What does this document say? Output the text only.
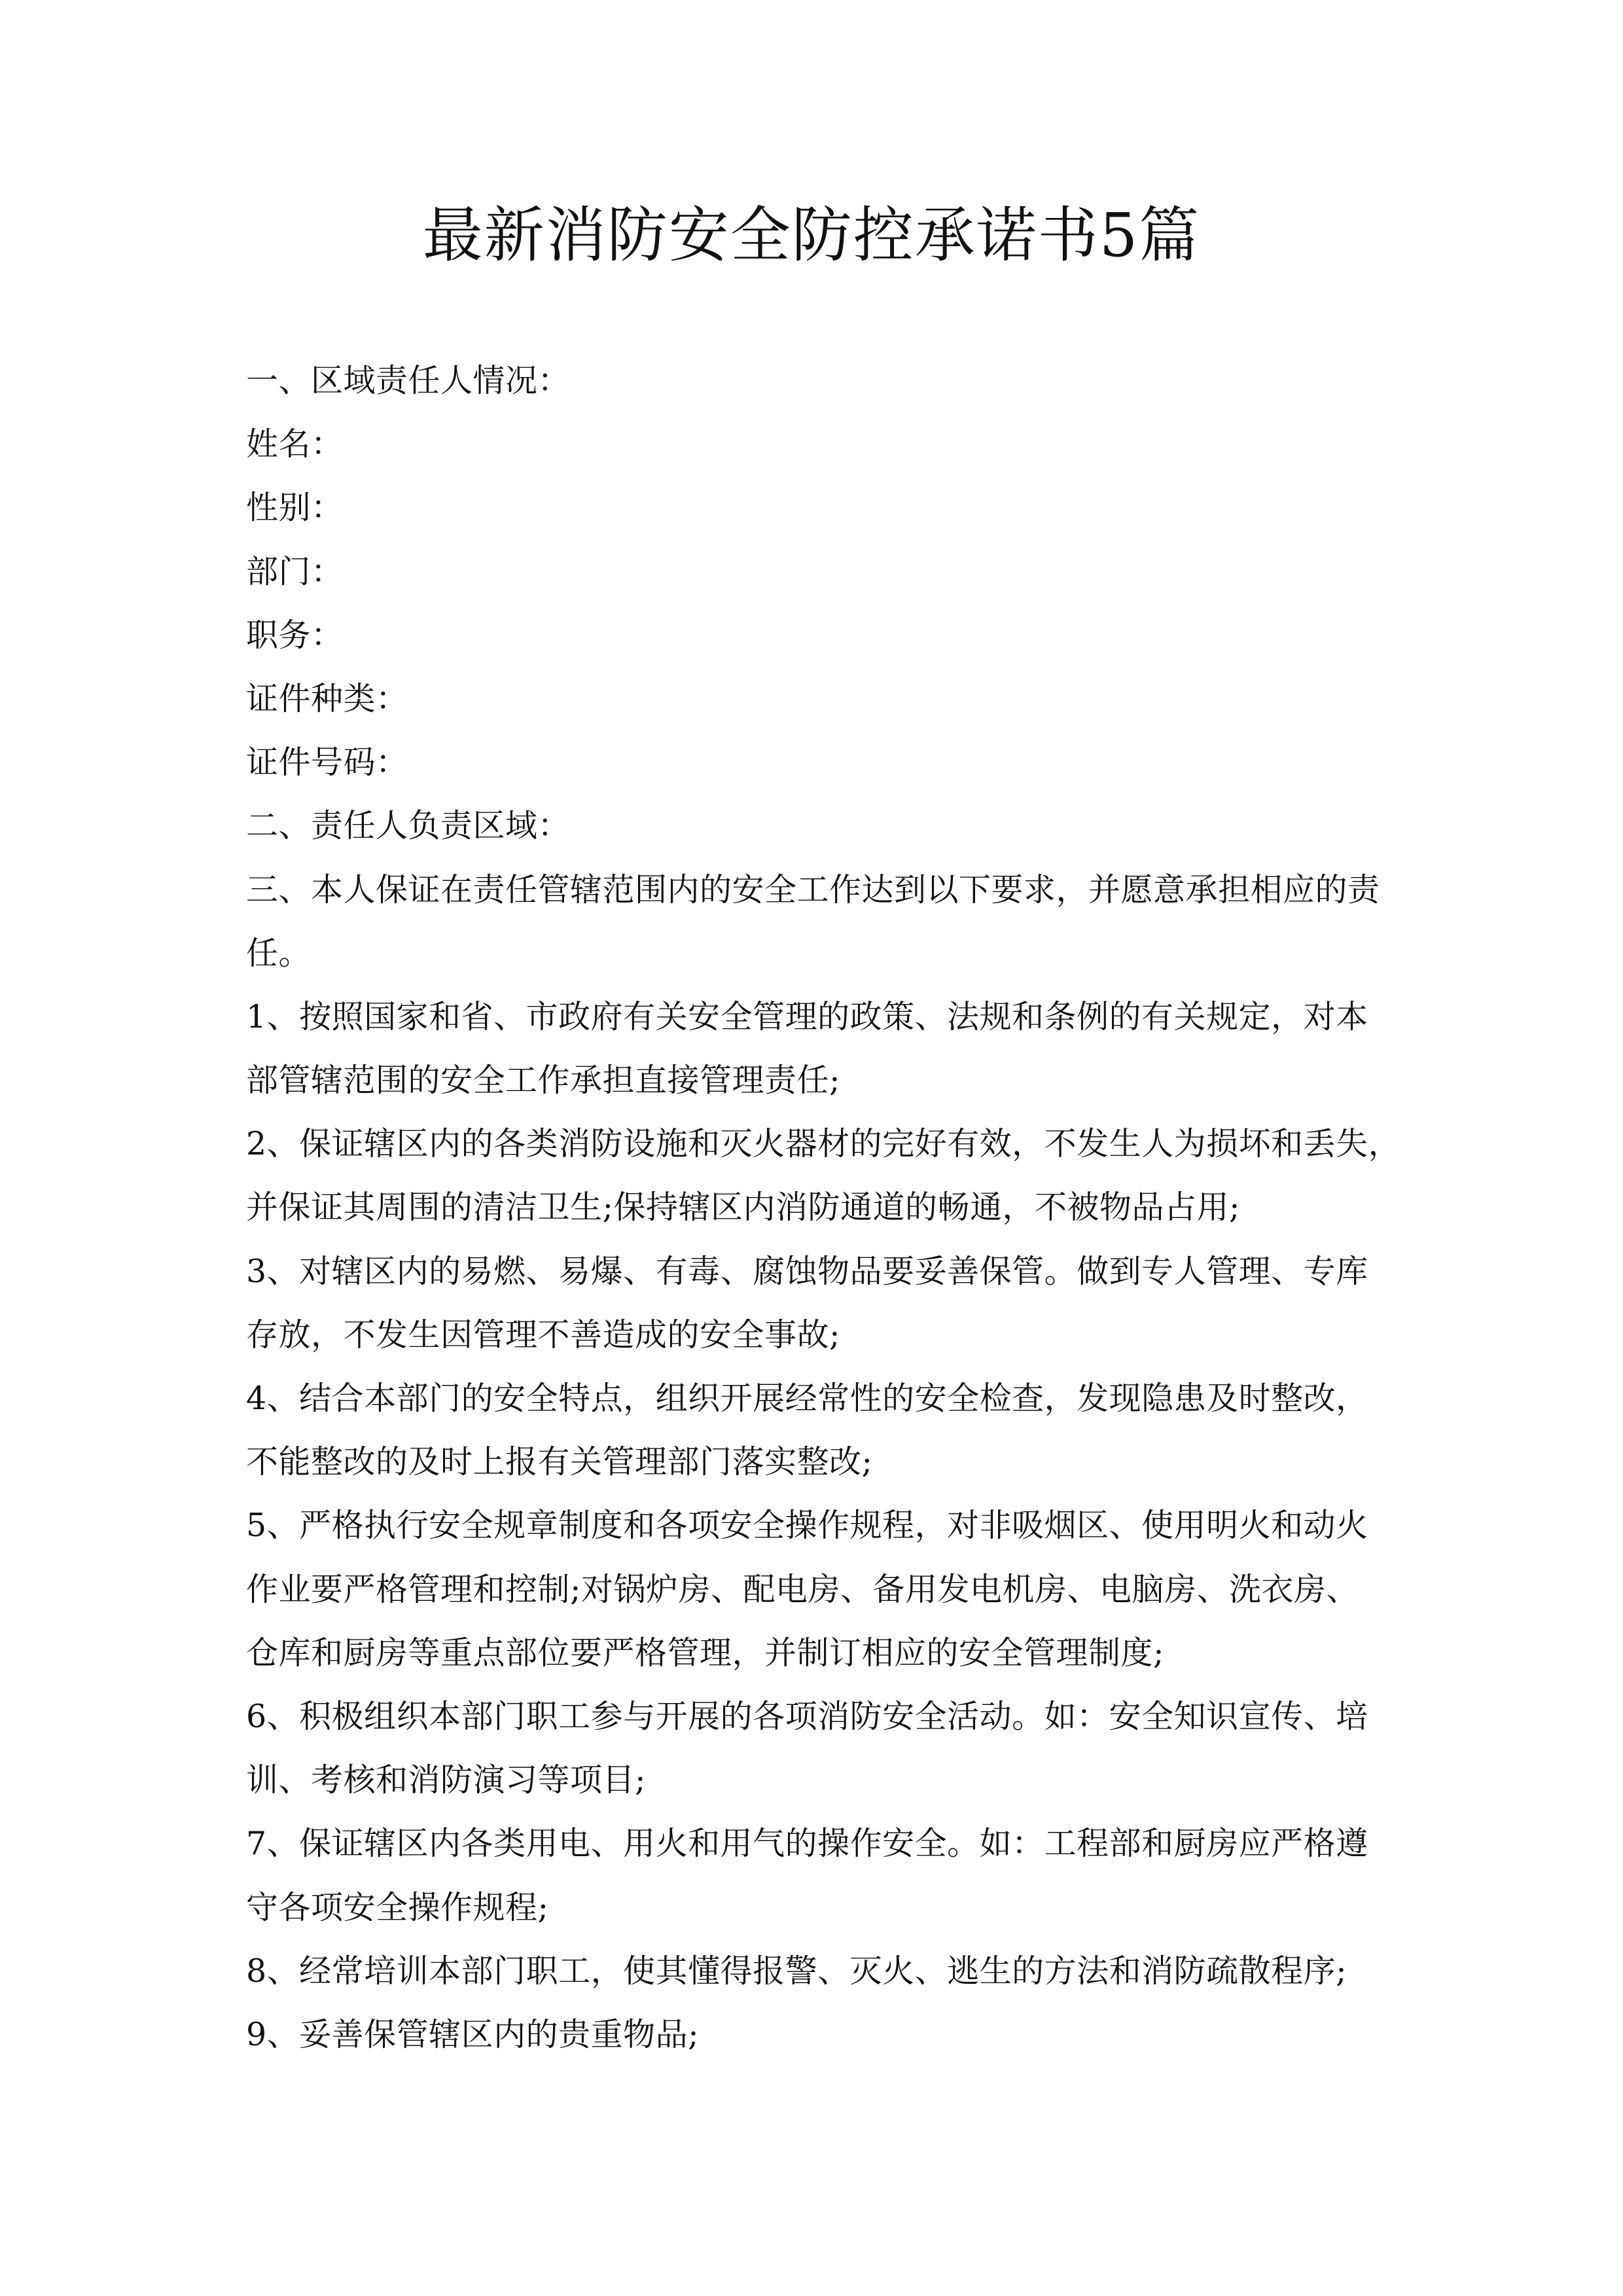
最新消防安全防控承诺书5篇
一、区域责任人情况：
姓名：
性别：
部门：
职务：
证件种类：
证件号码：
二、责任人负责区域：
三、本人保证在责任管辖范围内的安全工作达到以下要求，并愿意承担相应的责
任。
1、按照国家和省、市政府有关安全管理的政策、法规和条例的有关规定，对本
部管辖范围的安全工作承担直接管理责任;
2、保证辖区内的各类消防设施和灭火器材的完好有效，不发生人为损坏和丢失，
并保证其周围的清洁卫生;保持辖区内消防通道的畅通，不被物品占用;
3、对辖区内的易燃、易爆、有毒、腐蚀物品要妥善保管。做到专人管理、专库
存放，不发生因管理不善造成的安全事故;
4、结合本部门的安全特点，组织开展经常性的安全检查，发现隐患及时整改，
不能整改的及时上报有关管理部门落实整改;
5、严格执行安全规章制度和各项安全操作规程，对非吸烟区、使用明火和动火
作业要严格管理和控制;对锅炉房、配电房、备用发电机房、电脑房、洗衣房、
仓库和厨房等重点部位要严格管理，并制订相应的安全管理制度;
6、积极组织本部门职工参与开展的各项消防安全活动。如：安全知识宣传、培
训、考核和消防演习等项目;
7、保证辖区内各类用电、用火和用气的操作安全。如：工程部和厨房应严格遵
守各项安全操作规程;
8、经常培训本部门职工，使其懂得报警、灭火、逃生的方法和消防疏散程序;
9、妥善保管辖区内的贵重物品;
